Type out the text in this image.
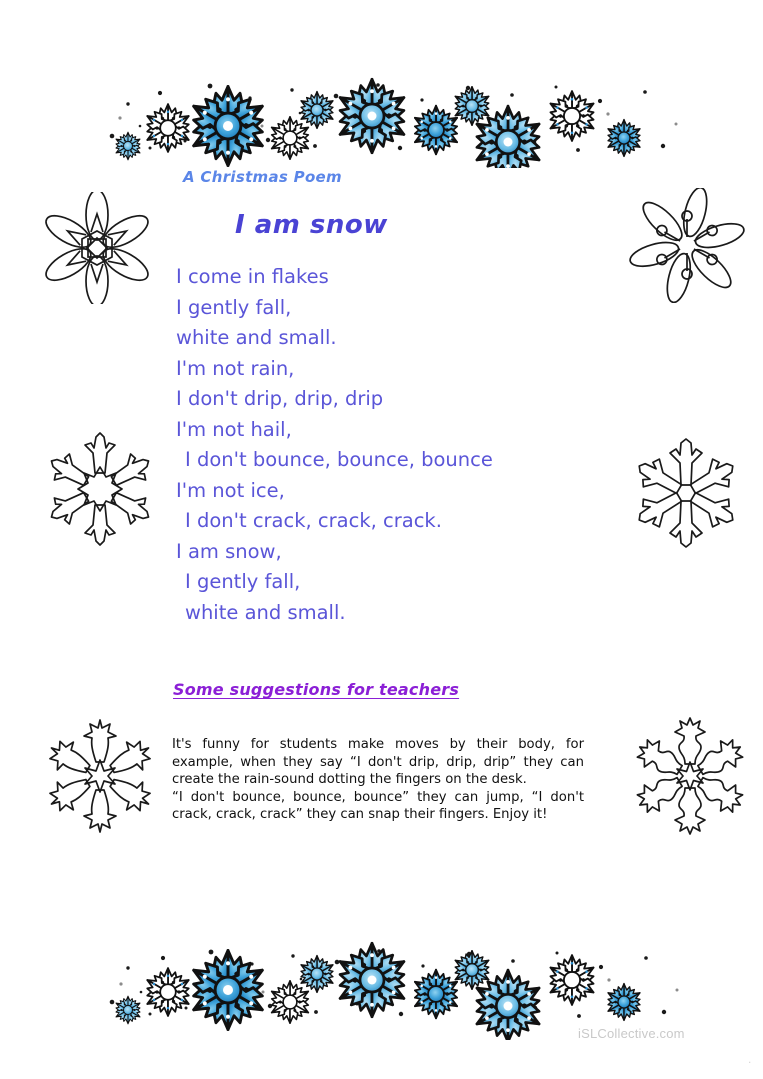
A Christmas Poem
I am snow
I come in flakes
I gently fall,
white and small.
I'm not rain,
I don't drip, drip, drip
I'm not hail,
I don't bounce, bounce, bounce
I'm not ice,
I don't crack, crack, crack.
I am snow,
I gently fall,
white and small.
Some suggestions for teachers

It's funny for students make moves by their body, for example, when they say “I don't drip, drip, drip” they can create the rain-sound dotting the fingers on the desk.

“I don't bounce, bounce, bounce” they can jump, “I don't crack, crack, crack” they can snap their fingers. Enjoy it!

iSLCollective.com
.
